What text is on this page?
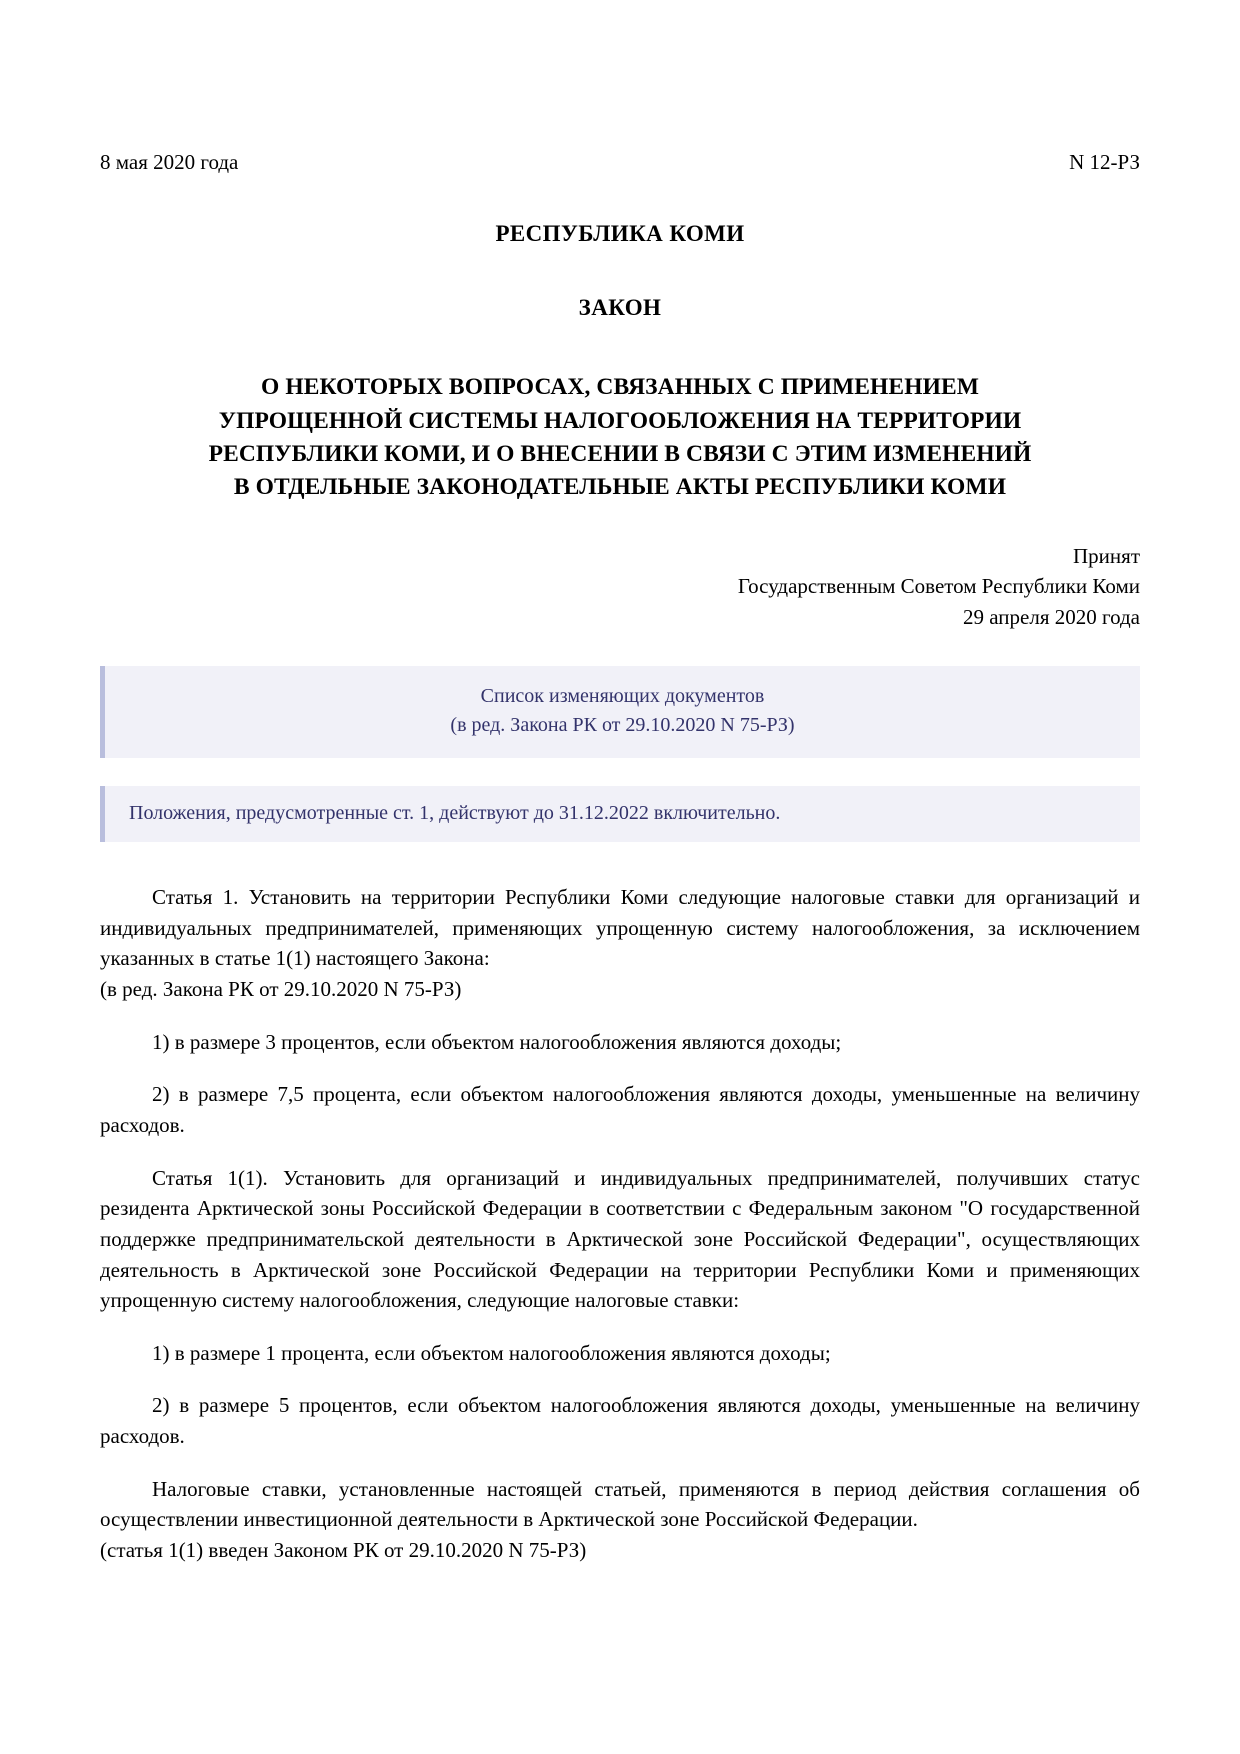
8 мая 2020 года	N 12-РЗ
РЕСПУБЛИКА КОМИ
ЗАКОН
О НЕКОТОРЫХ ВОПРОСАХ, СВЯЗАННЫХ С ПРИМЕНЕНИЕМ
УПРОЩЕННОЙ СИСТЕМЫ НАЛОГООБЛОЖЕНИЯ НА ТЕРРИТОРИИ
РЕСПУБЛИКИ КОМИ, И О ВНЕСЕНИИ В СВЯЗИ С ЭТИМ ИЗМЕНЕНИЙ
В ОТДЕЛЬНЫЕ ЗАКОНОДАТЕЛЬНЫЕ АКТЫ РЕСПУБЛИКИ КОМИ
Принят
Государственным Советом Республики Коми
29 апреля 2020 года
Список изменяющих документов
(в ред. Закона РК от 29.10.2020 N 75-РЗ)
Положения, предусмотренные ст. 1, действуют до 31.12.2022 включительно.
Статья 1. Установить на территории Республики Коми следующие налоговые ставки для организаций и индивидуальных предпринимателей, применяющих упрощенную систему налогообложения, за исключением указанных в статье 1(1) настоящего Закона:
(в ред. Закона РК от 29.10.2020 N 75-РЗ)
1) в размере 3 процентов, если объектом налогообложения являются доходы;
2) в размере 7,5 процента, если объектом налогообложения являются доходы, уменьшенные на величину расходов.
Статья 1(1). Установить для организаций и индивидуальных предпринимателей, получивших статус резидента Арктической зоны Российской Федерации в соответствии с Федеральным законом "О государственной поддержке предпринимательской деятельности в Арктической зоне Российской Федерации", осуществляющих деятельность в Арктической зоне Российской Федерации на территории Республики Коми и применяющих упрощенную систему налогообложения, следующие налоговые ставки:
1) в размере 1 процента, если объектом налогообложения являются доходы;
2) в размере 5 процентов, если объектом налогообложения являются доходы, уменьшенные на величину расходов.
Налоговые ставки, установленные настоящей статьей, применяются в период действия соглашения об осуществлении инвестиционной деятельности в Арктической зоне Российской Федерации.
(статья 1(1) введен Законом РК от 29.10.2020 N 75-РЗ)
